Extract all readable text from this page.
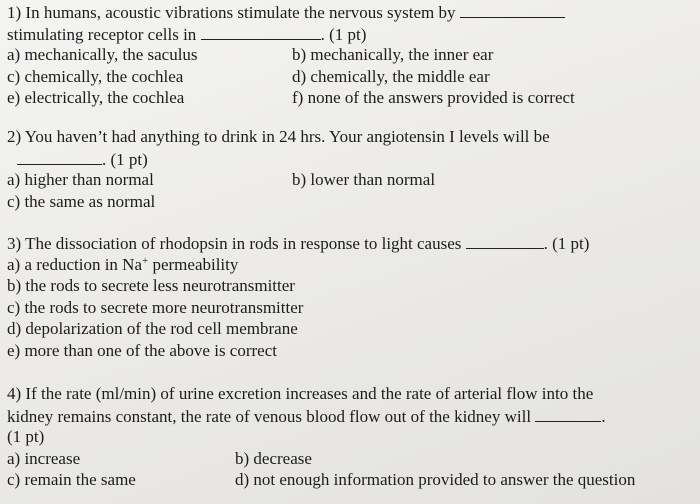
1) In humans, acoustic vibrations stimulate the nervous system by
stimulating receptor cells in	. (1 pt)
a) mechanically, the saculus	b) mechanically, the inner ear
c) chemically, the cochlea	d) chemically, the middle ear
e) electrically, the cochlea	f) none of the answers provided is correct
2) You haven’t had anything to drink in 24 hrs. Your angiotensin I levels will be
. (1 pt)
a) higher than normal	b) lower than normal
c) the same as normal
3) The dissociation of rhodopsin in rods in response to light causes	. (1 pt)
a) a reduction in Na+ permeability
b) the rods to secrete less neurotransmitter
c) the rods to secrete more neurotransmitter
d) depolarization of the rod cell membrane
e) more than one of the above is correct
4) If the rate (ml/min) of urine excretion increases and the rate of arterial flow into the
kidney remains constant, the rate of venous blood flow out of the kidney will	.
(1 pt)
a) increase	b) decrease
c) remain the same	d) not enough information provided to answer the question
